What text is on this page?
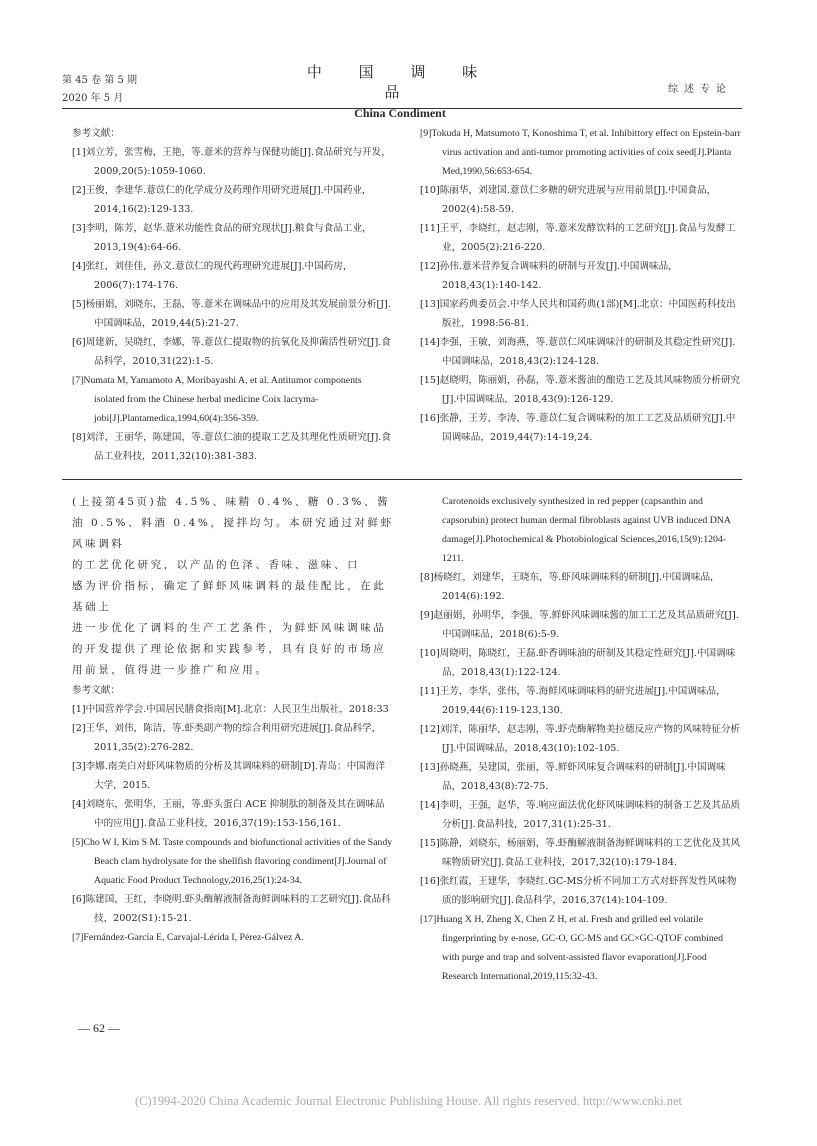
第 45 卷 第 5 期
2020 年 5 月
中 国 调 味 品
China Condiment
综述专论

参考文献：

[1]刘立芳，张雪梅，王艳，等.薏米的营养与保健功能[J].食品研究与开发，2009,20(5):1059-1060.

[2]王俊，李建华.薏苡仁的化学成分及药理作用研究进展[J].中国药业，2014,16(2):129-133.

[3]李明，陈芳，赵华.薏米功能性食品的研究现状[J].粮食与食品工业，2013,19(4):64-66.

[4]张红，刘佳佳，孙文.薏苡仁的现代药理研究进展[J].中国药房，2006(7):174-176.

[5]杨丽娟，刘晓东，王磊，等.薏米在调味品中的应用及其发展前景分析[J].中国调味品，2019,44(5):21-27.

[6]周建新，吴晓红，李娜，等.薏苡仁提取物的抗氧化及抑菌活性研究[J].食品科学，2010,31(22):1-5.

[7]Numata M, Yamamoto A, Moribayashi A, et al. Antitumor components isolated from the Chinese herbal medicine Coix lacryma-jobi[J].Plantamedica,1994,60(4):356-359.

[8]刘洋，王丽华，陈建国，等.薏苡仁油的提取工艺及其理化性质研究[J].食品工业科技，2011,32(10):381-383.

[9]Tokuda H, Matsumoto T, Konoshima T, et al. Inhibittory effect on Epstein-barr virus activation and anti-tumor promoting activities of coix seed[J].Planta Med,1990,56:653-654.

[10]陈丽华，刘建国.薏苡仁多糖的研究进展与应用前景[J].中国食品，2002(4):58-59.

[11]王平，李晓红，赵志刚，等.薏米发酵饮料的工艺研究[J].食品与发酵工业，2005(2):216-220.

[12]孙伟.薏米营养复合调味料的研制与开发[J].中国调味品，2018,43(1):140-142.

[13]国家药典委员会.中华人民共和国药典(1部)[M].北京：中国医药科技出版社，1998:56-81.

[14]李强，王敏，刘海燕，等.薏苡仁风味调味汁的研制及其稳定性研究[J].中国调味品，2018,43(2):124-128.

[15]赵晓明，陈丽娟，孙磊，等.薏米酱油的酿造工艺及其风味物质分析研究[J].中国调味品，2018,43(9):126-129.

[16]张静，王芳，李涛，等.薏苡仁复合调味粉的加工工艺及品质研究[J].中国调味品，2019,44(7):14-19,24.

(上接第45页)盐 4.5%、味精 0.4%、糖 0.3%、酱油 0.5%、料酒 0.4%，搅拌均匀。本研究通过对鲜虾风味调料

的工艺优化研究，以产品的色泽、香味、滋味、口

感为评价指标，确定了鲜虾风味调料的最佳配比，在此基础上

进一步优化了调料的生产工艺条件，为鲜虾风味调味品

的开发提供了理论依据和实践参考，具有良好的市场应

用前景，值得进一步推广和应用。

参考文献：

[1]中国营养学会.中国居民膳食指南[M].北京：人民卫生出版社，2018:33

[2]王华，刘伟，陈洁，等.虾类副产物的综合利用研究进展[J].食品科学，2011,35(2):276-282.

[3]李娜.南美白对虾风味物质的分析及其调味料的研制[D].青岛：中国海洋大学，2015.

[4]刘晓东，张明华，王丽，等.虾头蛋白 ACE 抑制肽的制备及其在调味品中的应用[J].食品工业科技，2016,37(19):153-156,161.

[5]Cho W I, Kim S M. Taste compounds and biofunctional activities of the Sandy Beach clam hydrolysate for the shellfish flavoring condiment[J].Journal of Aquatic Food Product Technology,2016,25(1):24-34.

[6]陈建国，王红，李晓明.虾头酶解液制备海鲜调味料的工艺研究[J].食品科技，2002(S1):15-21.

[7]Fernández-García E, Carvajal-Lérida I, Pérez-Gálvez A.

Carotenoids exclusively synthesized in red pepper (capsanthin and capsorubin) protect human dermal fibroblasts against UVB induced DNA damage[J].Photochemical & Photobiological Sciences,2016,15(9):1204-1211.

[8]杨晓红，刘建华，王晓东，等.虾风味调味料的研制[J].中国调味品，2014(6):192.

[9]赵丽娟，孙明华，李强，等.鲜虾风味调味酱的加工工艺及其品质研究[J].中国调味品，2018(6):5-9.

[10]周晓明，陈晓红，王磊.虾香调味油的研制及其稳定性研究[J].中国调味品，2018,43(1):122-124.

[11]王芳，李华，张伟，等.海鲜风味调味料的研究进展[J].中国调味品，2019,44(6):119-123,130.

[12]刘洋，陈丽华，赵志刚，等.虾壳酶解物美拉德反应产物的风味特征分析[J].中国调味品，2018,43(10):102-105.

[13]孙晓燕，吴建国，张丽，等.鲜虾风味复合调味料的研制[J].中国调味品，2018,43(8):72-75.

[14]李明，王强，赵华，等.响应面法优化虾风味调味料的制备工艺及其品质分析[J].食品科技，2017,31(1):25-31.

[15]陈静，刘晓东，杨丽娟，等.虾酶解液制备海鲜调味料的工艺优化及其风味物质研究[J].食品工业科技，2017,32(10):179-184.

[16]张红霞，王建华，李晓红.GC-MS分析不同加工方式对虾挥发性风味物质的影响研究[J].食品科学，2016,37(14):104-109.

[17]Huang X H, Zheng X, Chen Z H, et al. Fresh and grilled eel volatile fingerprinting by e-nose, GC-O, GC-MS and GC×GC-QTOF combined with purge and trap and solvent-assisted flavor evaporation[J].Food Research International,2019,115:32-43.

— 62 —
(C)1994-2020 China Academic Journal Electronic Publishing House. All rights reserved. http://www.cnki.net
